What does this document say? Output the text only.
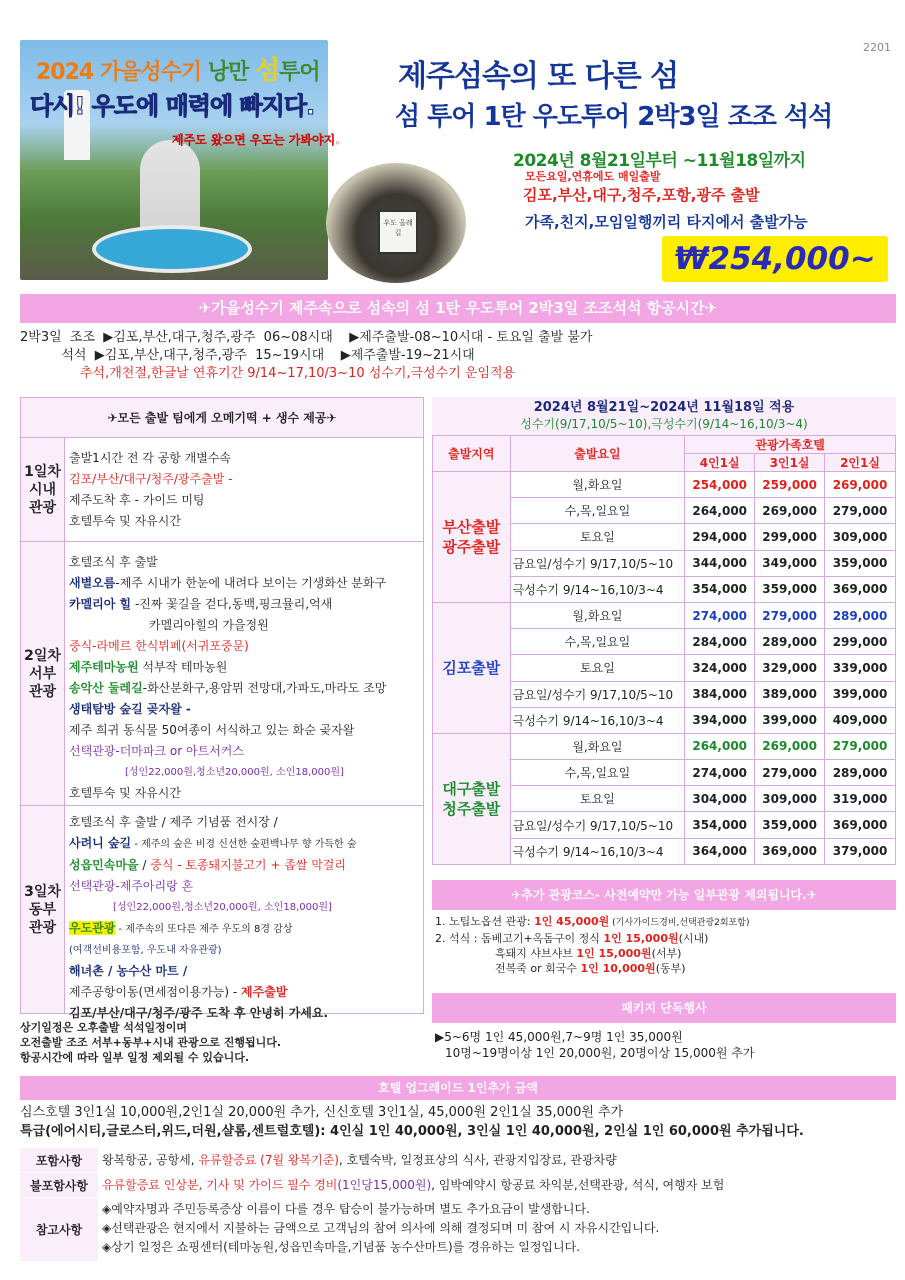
우도 올레길
2201
2024 가을성수기 낭만 섬투어
다시! 우도에 매력에 빠지다.
제주도 왔으면 우도는 가봐야지.
제주섬속의 또 다른 섬
섬 투어 1탄 우도투어 2박3일 조조 석석
2024년 8월21일부터 ~11월18일까지
모든요일,연휴에도 매일출발
김포,부산,대구,청주,포항,광주 출발
가족,친지,모임일행끼리 타지에서 출발가능
₩254,000~
✈가을성수기 제주속으로 섬속의 섬 1탄 우도투어 2박3일 조조석석 항공시간✈
2박3일  조조  ▶김포,부산,대구,청주,광주  06~08시대    ▶제주출발-08~10시대 - 토요일 출발 불가
석석  ▶김포,부산,대구,청주,광주  15~19시대    ▶제주출발-19~21시대
추석,개천절,한글날 연휴기간 9/14~17,10/3~10 성수기,극성수기 운임적용
✈모든 출발 팀에게 오메기떡 + 생수 제공✈
1일차 시내 관광
출발1시간 전 각 공항 개별수속
김포/부산/대구/청주/광주출발 -
제주도착 후 - 가이드 미팅
호텔투숙 및 자유시간
2일차 서부 관광
호텔조식 후 출발
새별오름-제주 시내가 한눈에 내려다 보이는 기생화산 분화구
카멜리아 힐 -진짜 꽃길을 걷다,동백,핑크뮬리,억새
카멜리아힐의 가을정원
중식-라메르 한식뷔페(서귀포중문)
제주테마농원 석부작 테마농원
송악산 둘레길-화산분화구,용암뮈 전망대,가파도,마라도 조망
생태탐방 숲길 곶자왈 -
제주 희귀 동식물 50여종이 서식하고 있는 화순 곶자왈
선택관광-더마파크 or 아트서커스
[성인22,000원,청소년20,000원, 소인18,000원]
호텔투숙 및 자유시간
3일차 동부 관광
호텔조식 후 출발 / 제주 기념품 전시장 /
사려니 숲길 - 제주의 숲은 비경 신선한 숲편백나무 향 가득한 숲
성읍민속마을 / 중식 - 토종돼지불고기 + 좁쌀 막걸리
선택관광-제주아리랑 혼
[성인22,000원,청소년20,000원, 소인18,000원]
우도관광 - 제주속의 또다른 제주 우도의 8경 감상
(여객선비용포함, 우도내 자유관광)
해녀촌 / 농수산 마트 /
제주공항이동(면세점이용가능) - 제주출발
김포/부산/대구/청주/광주 도착 후 안녕히 가세요.
상기일정은 오후출발 석석일정이며
오전출발 조조 서부+동부+시내 관광으로 진행됩니다.
항공시간에 따라 일부 일정 제외될 수 있습니다.
2024년 8월21일~2024년 11월18일 적용
성수기(9/17,10/5~10),극성수기(9/14~16,10/3~4)
출발지역	출발요일	관광가족호텔		
		4인1실	3인1실	2인1실
부산출발 광주출발	월,화요일	254,000	259,000	269,000
	수,목,일요일	264,000	269,000	279,000
	토요일	294,000	299,000	309,000
	금요일/성수기 9/17,10/5~10	344,000	349,000	359,000
	극성수기 9/14~16,10/3~4	354,000	359,000	369,000
김포출발	월,화요일	274,000	279,000	289,000
	수,목,일요일	284,000	289,000	299,000
	토요일	324,000	329,000	339,000
	금요일/성수기 9/17,10/5~10	384,000	389,000	399,000
	극성수기 9/14~16,10/3~4	394,000	399,000	409,000
대구출발 청주출발	월,화요일	264,000	269,000	279,000
	수,목,일요일	274,000	279,000	289,000
	토요일	304,000	309,000	319,000
	금요일/성수기 9/17,10/5~10	354,000	359,000	369,000
	극성수기 9/14~16,10/3~4	364,000	369,000	379,000
✈추가 관광코스- 사전예약만 가능 일부관광 제외됩니다.✈
1. 노팁노옵션 관광: 1인 45,000원 (기사가이드경비,선택관광2회포함)
2. 석식 : 돔베고기+옥돔구이 정식 1인 15,000원(시내)
흑돼지 샤브샤브 1인 15,000원(서부)
전복죽 or 회국수 1인 10,000원(동부)
패키지 단독행사
▶5~6명 1인 45,000원,7~9명 1인 35,000원
10명~19명이상 1인 20,000원, 20명이상 15,000원 추가
호텔 업그레이드 1인추가 금액
심스호텔 3인1실 10,000원,2인1실 20,000원 추가, 신신호텔 3인1실, 45,000원 2인1실 35,000원 추가
특급(에어시티,글로스터,위드,더원,샬롬,센트럴호텔): 4인실 1인 40,000원, 3인실 1인 40,000원, 2인실 1인 60,000원 추가됩니다.
포함사항	왕복항공, 공항세, 유류할증료 (7월 왕복기준), 호텔숙박, 일정표상의 식사, 관광지입장료, 관광차량
불포함사항	유류할증료 인상분, 기사 및 가이드 필수 경비(1인당15,000원), 임박예약시 항공료 차익분,선택관광, 석식, 여행자 보험
참고사항
◈예약자명과 주민등록증상 이름이 다를 경우 탑승이 불가능하며 별도 추가요금이 발생합니다.
◈선택관광은 현지에서 지불하는 금액으로 고객님의 참여 의사에 의해 결정되며 미 참여 시 자유시간입니다.
◈상기 일정은 쇼핑센터(테마농원,성읍민속마을,기념품 농수산마트)를 경유하는 일정입니다.
